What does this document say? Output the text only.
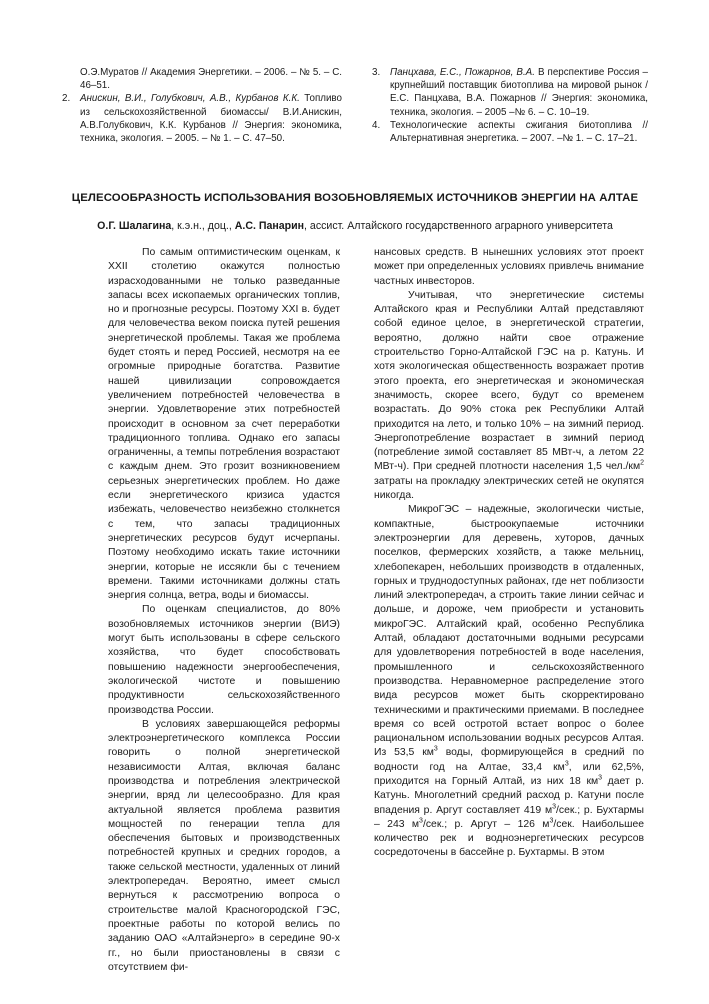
О.Э.Муратов // Академия Энергетики. – 2006. – № 5. – С. 46–51.
2.	Анискин, В.И., Голубкович, А.В., Курбанов К.К. Топливо из сельскохозяйственной биомассы/ В.И.Анискин, А.В.Голубкович, К.К. Курбанов // Энергия: экономика, техника, экология. – 2005. – № 1. – С. 47–50.
3.	Панцхава, Е.С., Пожарнов, В.А. В перспективе Россия – крупнейший поставщик биотоплива на мировой рынок / Е.С. Панцхава, В.А. Пожарнов // Энергия: экономика, техника, экология. – 2005 –№ 6. – С. 10–19.
4.	Технологические аспекты сжигания биотоплива // Альтернативная энергетика. – 2007. –№ 1. – С. 17–21.
ЦЕЛЕСООБРАЗНОСТЬ ИСПОЛЬЗОВАНИЯ ВОЗОБНОВЛЯЕМЫХ ИСТОЧНИКОВ ЭНЕРГИИ НА АЛТАЕ
О.Г. Шалагина, к.э.н., доц., А.С. Панарин, ассист. Алтайского государственного аграрного университета

По самым оптимистическим оценкам, к XXII столетию окажутся полностью израсходованными не только разведанные запасы всех ископаемых органических топлив, но и прогнозные ресурсы. Поэтому XXI в. будет для человечества веком поиска путей решения энергетической проблемы. Такая же проблема будет стоять и перед Россией, несмотря на ее огромные природные богатства. Развитие нашей цивилизации сопровождается увеличением потребностей человечества в энергии. Удовлетворение этих потребностей происходит в основном за счет переработки традиционного топлива. Однако его запасы ограниченны, а темпы потребления возрастают с каждым днем. Это грозит возникновением серьезных энергетических проблем. Но даже если энергетического кризиса удастся избежать, человечество неизбежно столкнется с тем, что запасы традиционных энергетических ресурсов будут исчерпаны. Поэтому необходимо искать такие источники энергии, которые не иссякли бы с течением времени. Такими источниками должны стать энергия солнца, ветра, воды и биомассы.

По оценкам специалистов, до 80% возобновляемых источников энергии (ВИЭ) могут быть использованы в сфере сельского хозяйства, что будет способствовать повышению надежности энергообеспечения, экологической чистоте и повышению продуктивности сельскохозяйственного производства России.

В условиях завершающейся реформы электроэнергетического комплекса России говорить о полной энергетической независимости Алтая, включая баланс производства и потребления электрической энергии, вряд ли целесообразно. Для края актуальной является проблема развития мощностей по генерации тепла для обеспечения бытовых и производственных потребностей крупных и средних городов, а также сельской местности, удаленных от линий электропередач. Вероятно, имеет смысл вернуться к рассмотрению вопроса о строительстве малой Красногородской ГЭС, проектные работы по которой велись по заданию ОАО «Алтайэнерго» в середине 90-х гг., но были приостановлены в связи с отсутствием фи-

нансовых средств. В нынешних условиях этот проект может при определенных условиях привлечь внимание частных инвесторов.

Учитывая, что энергетические системы Алтайского края и Республики Алтай представляют собой единое целое, в энергетической стратегии, вероятно, должно найти свое отражение строительство Горно-Алтайской ГЭС на р. Катунь. И хотя экологическая общественность возражает против этого проекта, его энергетическая и экономическая значимость, скорее всего, будут со временем возрастать. До 90% стока рек Республики Алтай приходится на лето, и только 10% – на зимний период. Энергопотребление возрастает в зимний период (потребление зимой составляет 85 МВт-ч, а летом 22 МВт-ч). При средней плотности населения 1,5 $чел./км^2$ затраты на прокладку электрических сетей не окупятся никогда.

МикроГЭС – надежные, экологически чистые, компактные, быстроокупаемые источники электроэнергии для деревень, хуторов, дачных поселков, фермерских хозяйств, а также мельниц, хлебопекарен, небольших производств в отдаленных, горных и труднодоступных районах, где нет поблизости линий электропередач, а строить такие линии сейчас и дольше, и дороже, чем приобрести и установить микроГЭС. Алтайский край, особенно Республика Алтай, обладают достаточными водными ресурсами для удовлетворения потребностей в воде населения, промышленного и сельскохозяйственного производства. Неравномерное распределение этого вида ресурсов может быть скорректировано техническими и практическими приемами. В последнее время со всей остротой встает вопрос о более рациональном использовании водных ресурсов Алтая. Из 53,5 $км^3$ воды, формирующейся в средний по водности год на Алтае, 33,4 $км^3$, или 62,5%, приходится на Горный Алтай, из них 18 $км^3$ дает р. Катунь. Многолетний средний расход р. Катуни после впадения р. Аргут составляет 419 $м^3$/сек.; р. Бухтармы – 243 $м^3$/сек.; р. Аргут – 126 $м^3$/сек. Наибольшее количество рек и водноэнергетических ресурсов сосредоточены в бассейне р. Бухтармы. В этом
